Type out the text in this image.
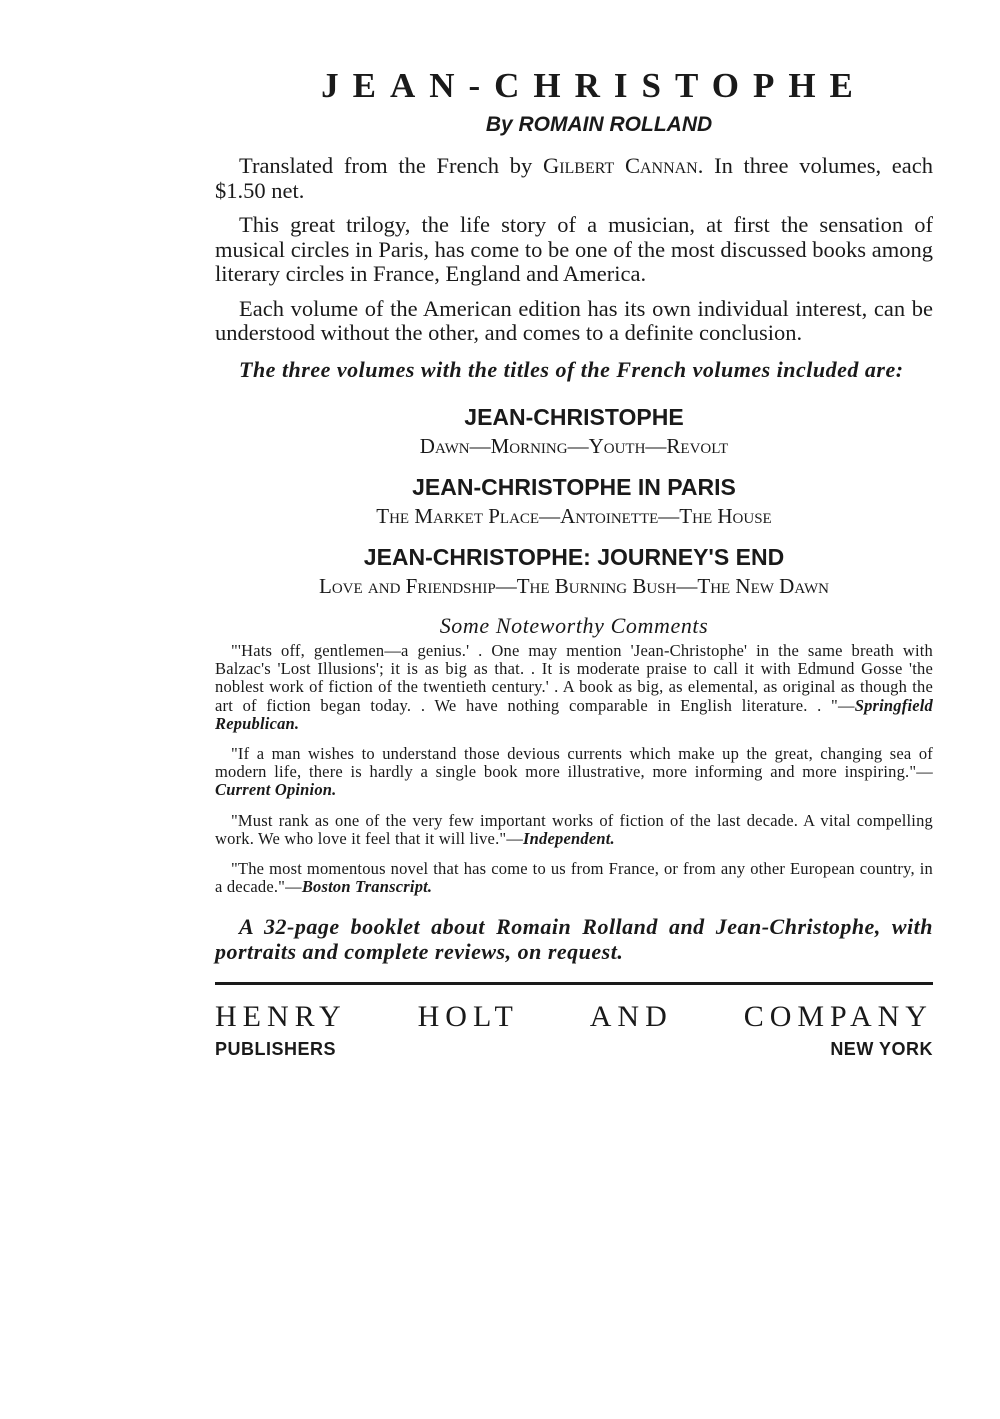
JEAN-CHRISTOPHE
By ROMAIN ROLLAND

Translated from the French by Gilbert Cannan. In three volumes, each $1.50 net.

This great trilogy, the life story of a musician, at first the sensation of musical circles in Paris, has come to be one of the most discussed books among literary circles in France, England and America.

Each volume of the American edition has its own individual interest, can be understood without the other, and comes to a definite conclusion.

The three volumes with the titles of the French volumes included are:

JEAN-CHRISTOPHE
Dawn—Morning—Youth—Revolt
JEAN-CHRISTOPHE IN PARIS
The Market Place—Antoinette—The House
JEAN-CHRISTOPHE: JOURNEY'S END
Love and Friendship—The Burning Bush—The New Dawn
Some Noteworthy Comments

"'Hats off, gentlemen—a genius.' . One may mention 'Jean-Christophe' in the same breath with Balzac's 'Lost Illusions'; it is as big as that. . It is moderate praise to call it with Edmund Gosse 'the noblest work of fiction of the twentieth century.' . A book as big, as elemental, as original as though the art of fiction began today. . We have nothing comparable in English literature. . "—Springfield Republican.

"If a man wishes to understand those devious currents which make up the great, changing sea of modern life, there is hardly a single book more illustrative, more informing and more inspiring."—Current Opinion.

"Must rank as one of the very few important works of fiction of the last decade. A vital compelling work. We who love it feel that it will live."—Independent.

"The most momentous novel that has come to us from France, or from any other European country, in a decade."—Boston Transcript.

A 32-page booklet about Romain Rolland and Jean-Christophe, with portraits and complete reviews, on request.

HENRY HOLT AND COMPANY
PUBLISHERS	NEW YORK
